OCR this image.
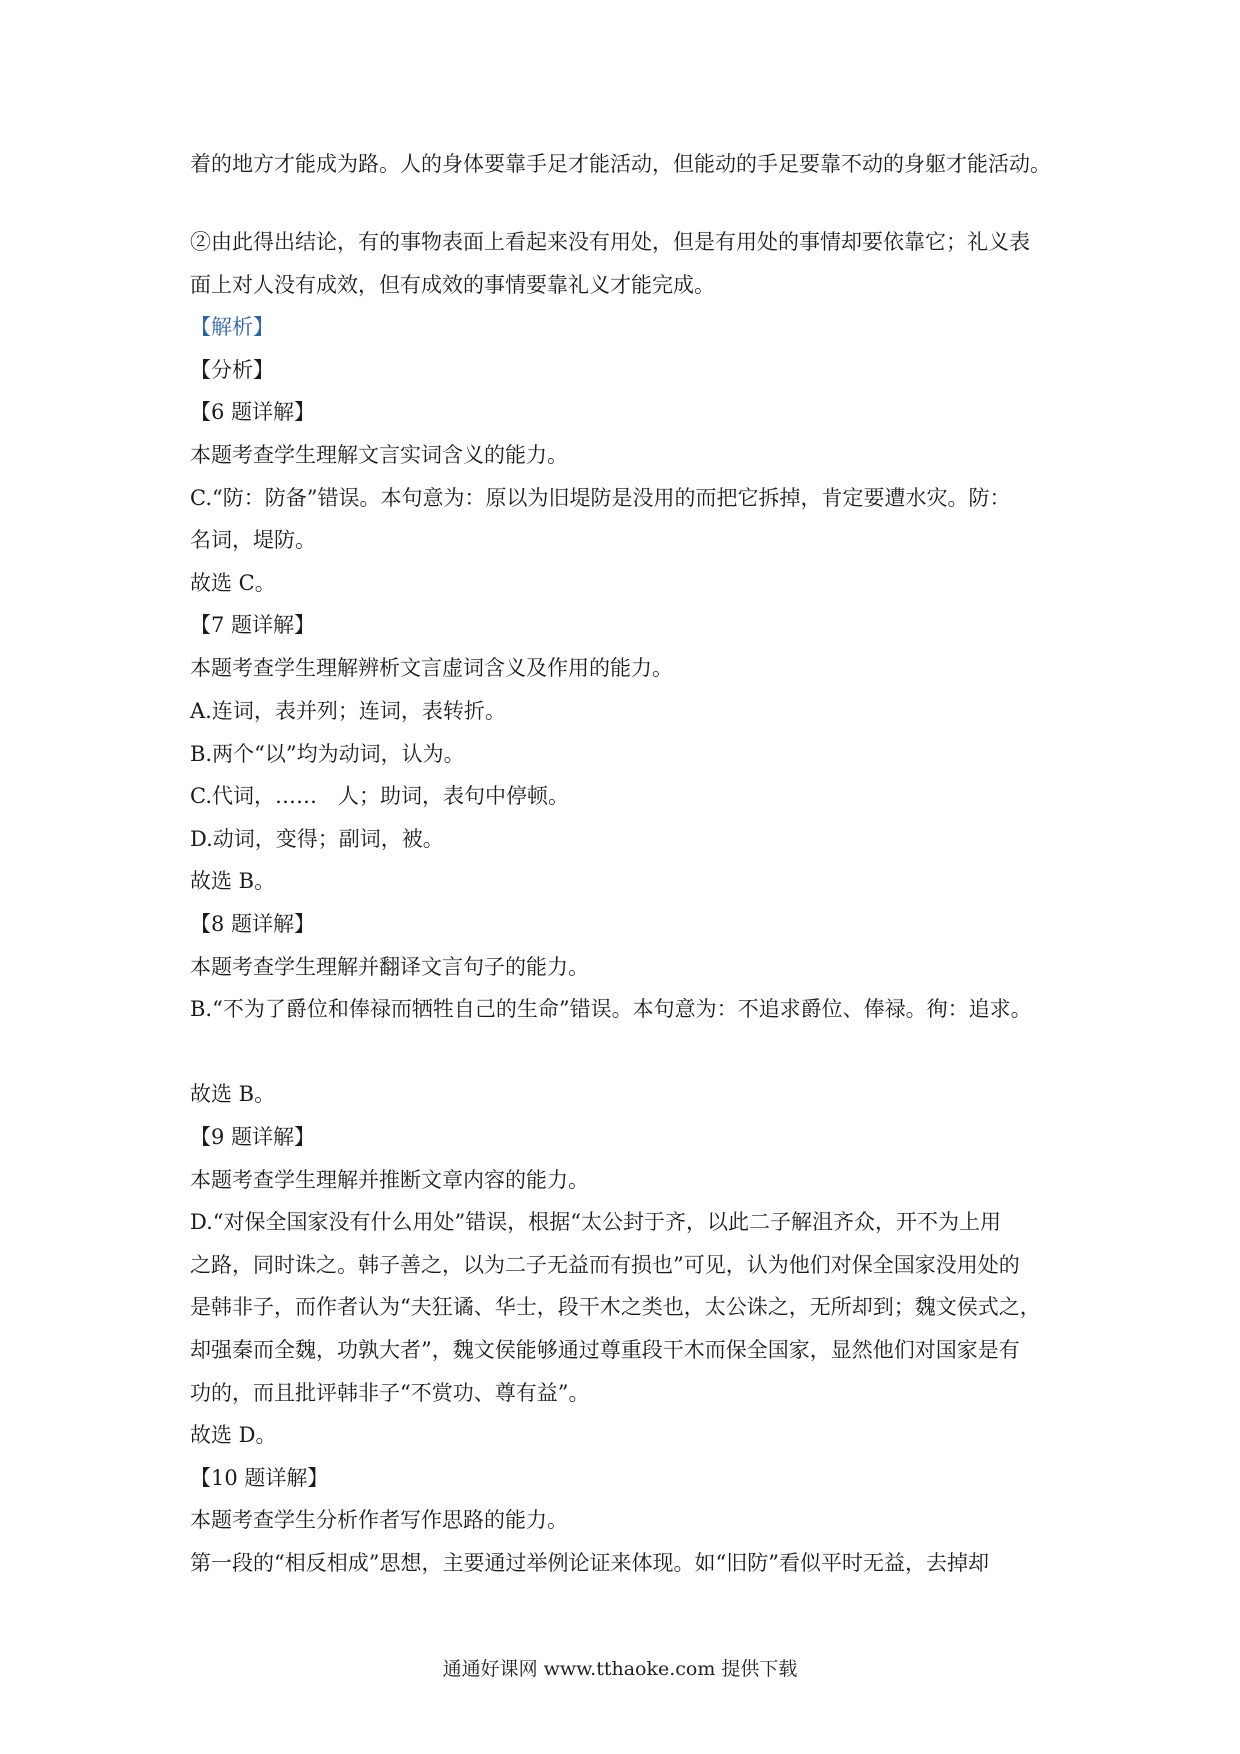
着的地方才能成为路。人的身体要靠手足才能活动，但能动的手足要靠不动的身躯才能活动。
②由此得出结论，有的事物表面上看起来没有用处，但是有用处的事情却要依靠它；礼义表
面上对人没有成效，但有成效的事情要靠礼义才能完成。
【解析】
【分析】
【6 题详解】
本题考查学生理解文言实词含义的能力。
C.“防：防备”错误。本句意为：原以为旧堤防是没用的而把它拆掉，肯定要遭水灾。防：
名词，堤防。
故选 C。
【7 题详解】
本题考查学生理解辨析文言虚词含义及作用的能力。
A.连词，表并列；连词，表转折。
B.两个“以”均为动词，认为。
C.代词，……　人；助词，表句中停顿。
D.动词，变得；副词，被。
故选 B。
【8 题详解】
本题考查学生理解并翻译文言句子的能力。
B.“不为了爵位和俸禄而牺牲自己的生命”错误。本句意为：不追求爵位、俸禄。徇：追求。
故选 B。
【9 题详解】
本题考查学生理解并推断文章内容的能力。
D.“对保全国家没有什么用处”错误，根据“太公封于齐，以此二子解沮齐众，开不为上用
之路，同时诛之。韩子善之，以为二子无益而有损也”可见，认为他们对保全国家没用处的
是韩非子，而作者认为“夫狂谲、华士，段干木之类也，太公诛之，无所却到；魏文侯式之，
却强秦而全魏，功孰大者”，魏文侯能够通过尊重段干木而保全国家，显然他们对国家是有
功的，而且批评韩非子“不赏功、尊有益”。
故选 D。
【10 题详解】
本题考查学生分析作者写作思路的能力。
第一段的“相反相成”思想，主要通过举例论证来体现。如“旧防”看似平时无益，去掉却
通通好课网 www.tthaoke.com 提供下载
